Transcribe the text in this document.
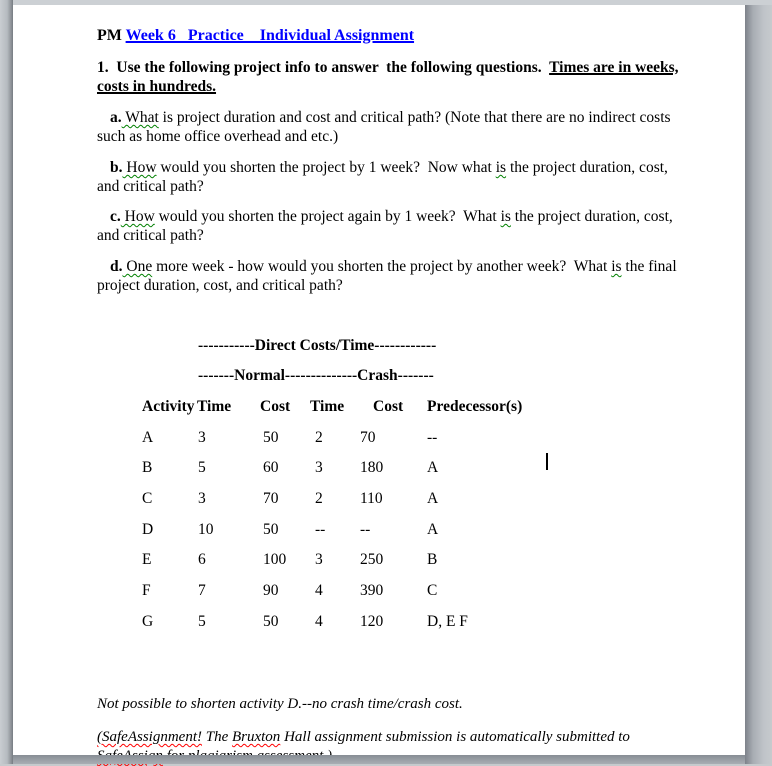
PM Week 6   Practice    Individual Assignment
1.  Use the following project info to answer  the following questions.  Times are in weeks,
costs in hundreds.
a. What is project duration and cost and critical path? (Note that there are no indirect costs
such as home office overhead and etc.)
b. How would you shorten the project by 1 week?  Now what is the project duration, cost,
and critical path?
c. How would you shorten the project again by 1 week?  What is the project duration, cost,
and critical path?
d. One more week - how would you shorten the project by another week?  What is the final
project duration, cost, and critical path?
-----------Direct Costs/Time------------
-------Normal--------------Crash-------
Activity Time	Cost	Time	Cost	Predecessor(s)
A	3	50	2	70	--
B	5	60	3	180	A
C	3	70	2	110	A
D	10	50	--	--	A
E	6	100	3	250	B
F	7	90	4	390	C
G	5	50	4	120	D, E F
Not possible to shorten activity D.--no crash time/crash cost.
(SafeAssignment! The Bruxton Hall assignment submission is automatically submitted to
